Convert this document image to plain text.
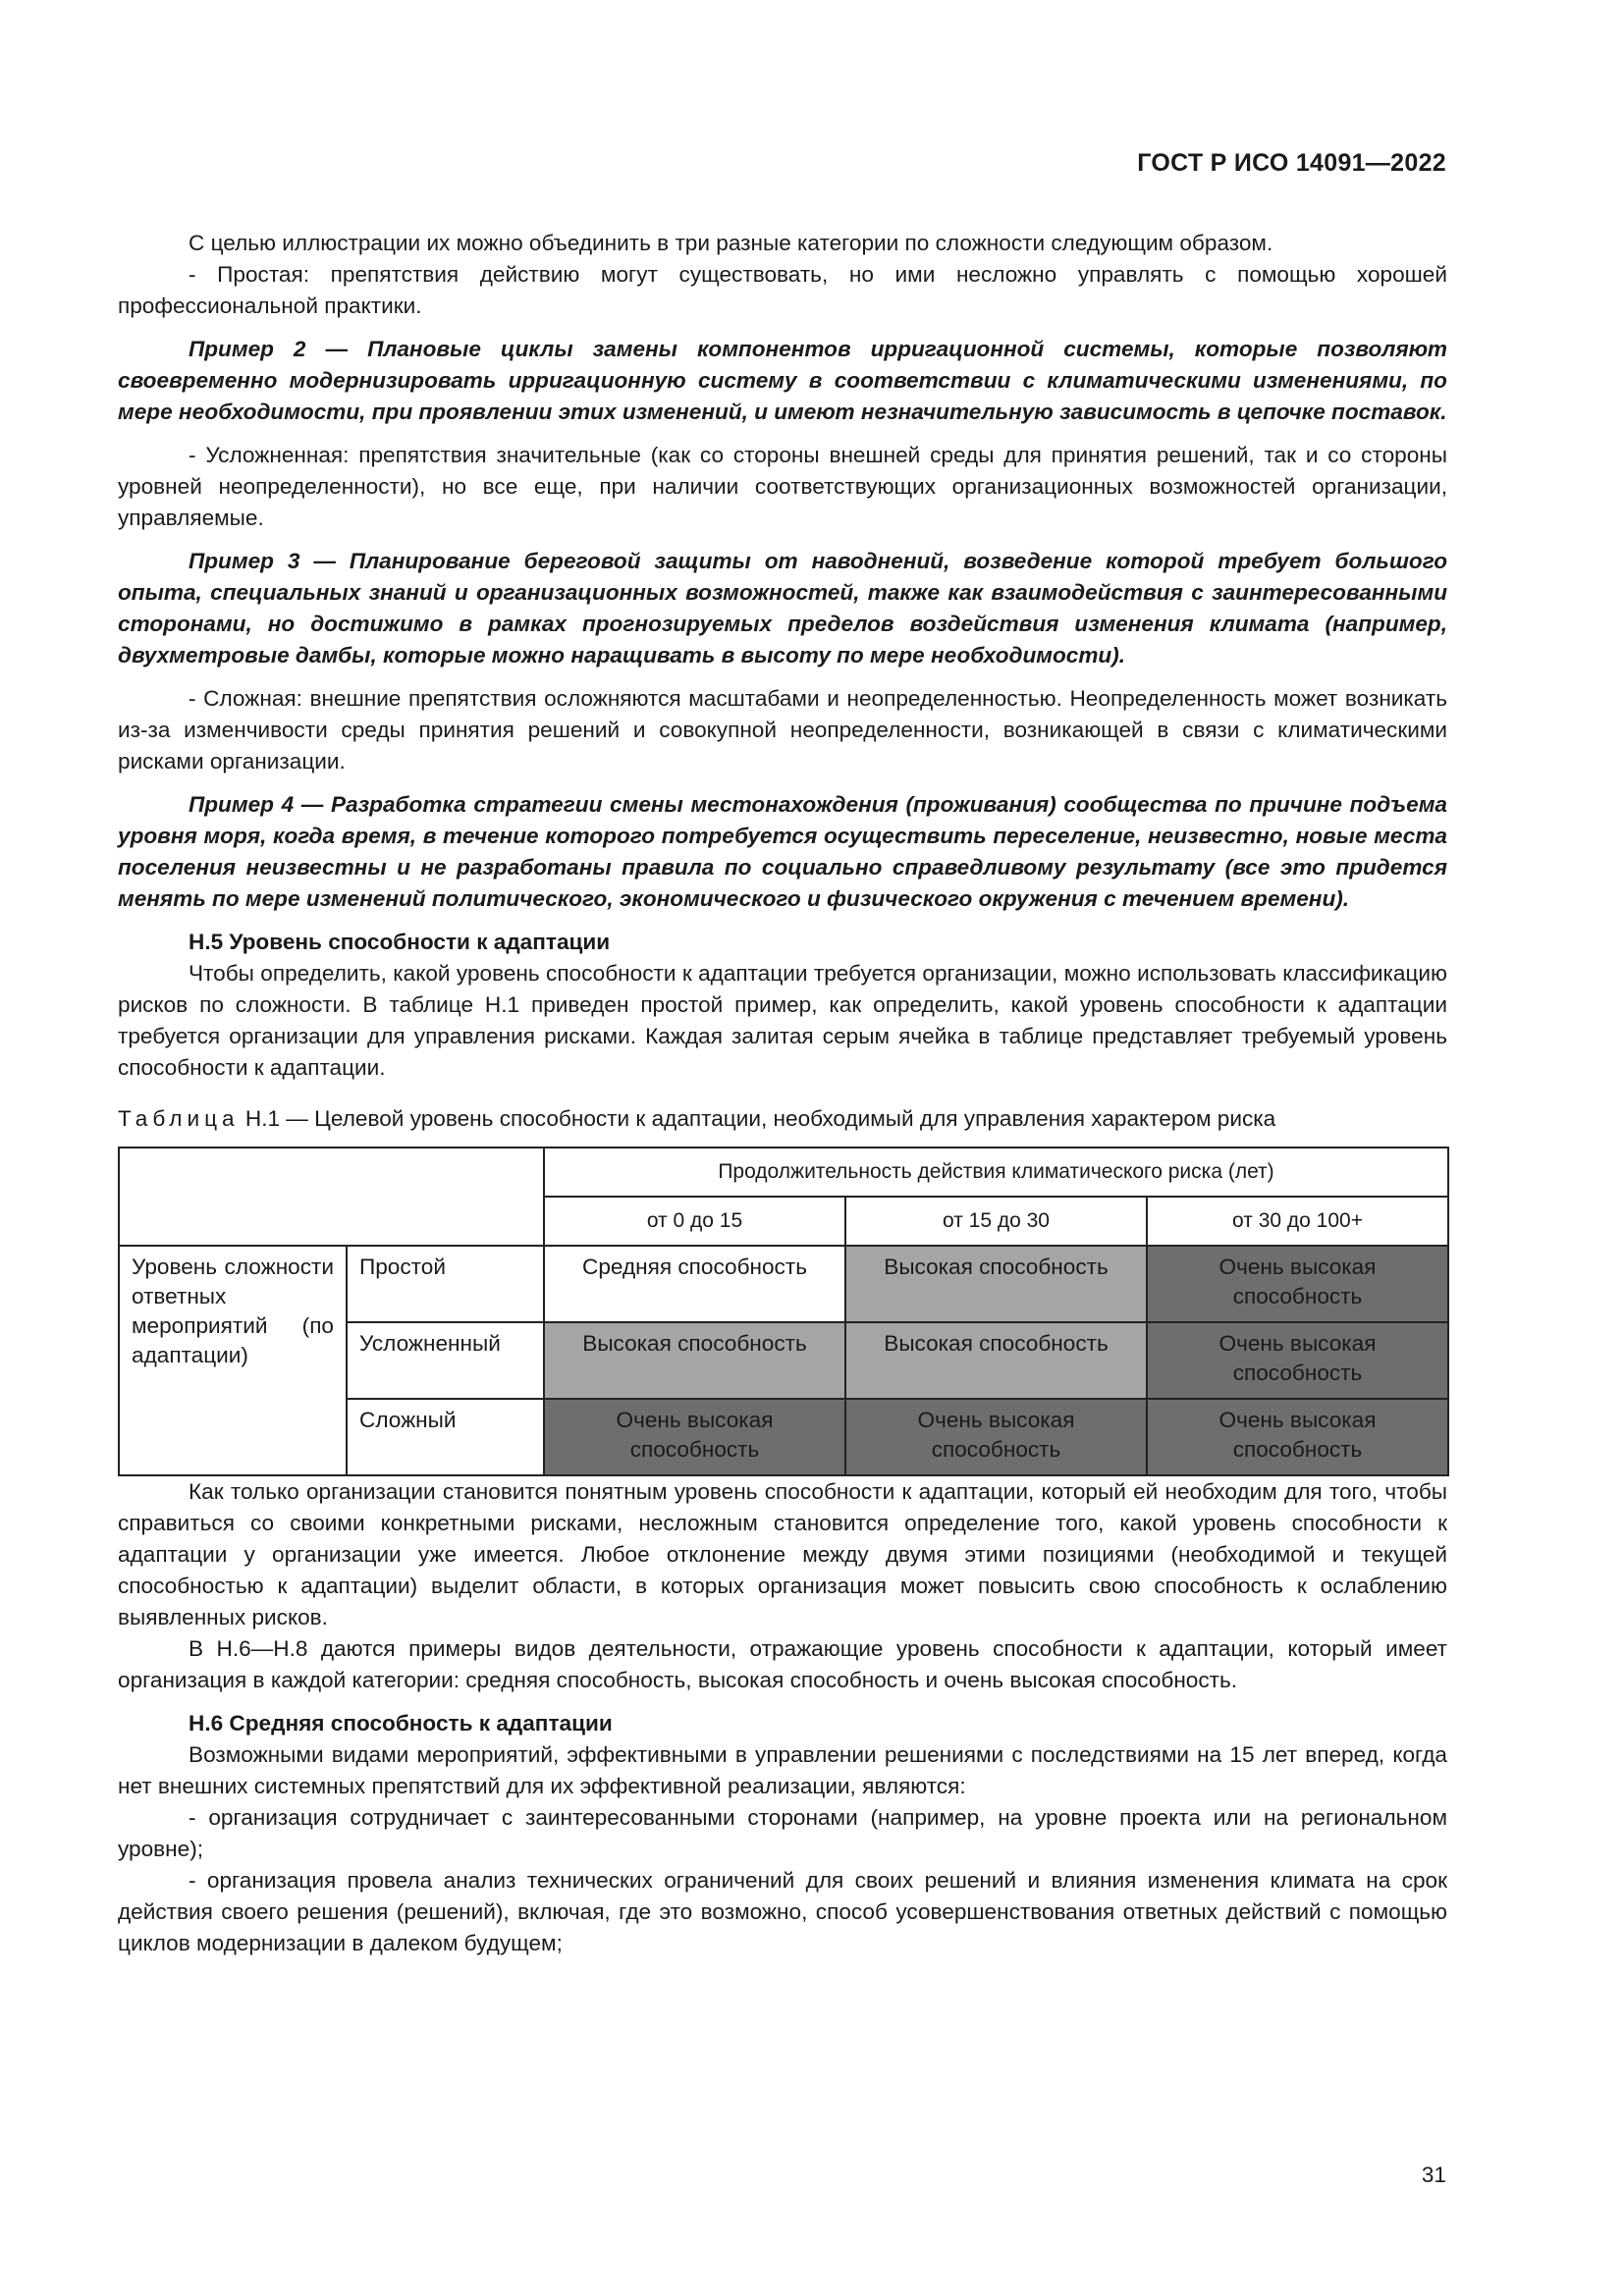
ГОСТ Р ИСО 14091—2022

С целью иллюстрации их можно объединить в три разные категории по сложности следующим образом.

- Простая: препятствия действию могут существовать, но ими несложно управлять с помощью хорошей профессиональной практики.

Пример 2 — Плановые циклы замены компонентов ирригационной системы, которые позволяют своевременно модернизировать ирригационную систему в соответствии с климатическими изменениями, по мере необходимости, при проявлении этих изменений, и имеют незначительную зависимость в цепочке поставок.

- Усложненная: препятствия значительные (как со стороны внешней среды для принятия решений, так и со стороны уровней неопределенности), но все еще, при наличии соответствующих организационных возможностей организации, управляемые.

Пример 3 — Планирование береговой защиты от наводнений, возведение которой требует большого опыта, специальных знаний и организационных возможностей, также как взаимодействия с заинтересованными сторонами, но достижимо в рамках прогнозируемых пределов воздействия изменения климата (например, двухметровые дамбы, которые можно наращивать в высоту по мере необходимости).

- Сложная: внешние препятствия осложняются масштабами и неопределенностью. Неопределенность может возникать из-за изменчивости среды принятия решений и совокупной неопределенности, возникающей в связи с климатическими рисками организации.

Пример 4 — Разработка стратегии смены местонахождения (проживания) сообщества по причине подъема уровня моря, когда время, в течение которого потребуется осуществить переселение, неизвестно, новые места поселения неизвестны и не разработаны правила по социально справедливому результату (все это придется менять по мере изменений политического, экономического и физического окружения с течением времени).

Н.5 Уровень способности к адаптации

Чтобы определить, какой уровень способности к адаптации требуется организации, можно использовать классификацию рисков по сложности. В таблице Н.1 приведен простой пример, как определить, какой уровень способности к адаптации требуется организации для управления рисками. Каждая залитая серым ячейка в таблице представляет требуемый уровень способности к адаптации.

Таблица Н.1 — Целевой уровень способности к адаптации, необходимый для управления характером риска
		Продолжительность действия климатического риска (лет)		
		от 0 до 15	от 15 до 30	от 30 до 100+
Уровень сложности ответных мероприятий (по адаптации)	Простой	Средняя способность	Высокая способность	Очень высокая способность
	Усложненный	Высокая способность	Высокая способность	Очень высокая способность
	Сложный	Очень высокая способность	Очень высокая способность	Очень высокая способность

Как только организации становится понятным уровень способности к адаптации, который ей необходим для того, чтобы справиться со своими конкретными рисками, несложным становится определение того, какой уровень способности к адаптации у организации уже имеется. Любое отклонение между двумя этими позициями (необходимой и текущей способностью к адаптации) выделит области, в которых организация может повысить свою способность к ослаблению выявленных рисков.

В Н.6—Н.8 даются примеры видов деятельности, отражающие уровень способности к адаптации, который имеет организация в каждой категории: средняя способность, высокая способность и очень высокая способность.

Н.6 Средняя способность к адаптации

Возможными видами мероприятий, эффективными в управлении решениями с последствиями на 15 лет вперед, когда нет внешних системных препятствий для их эффективной реализации, являются:

- организация сотрудничает с заинтересованными сторонами (например, на уровне проекта или на региональном уровне);

- организация провела анализ технических ограничений для своих решений и влияния изменения климата на срок действия своего решения (решений), включая, где это возможно, способ усовершенствования ответных действий с помощью циклов модернизации в далеком будущем;

31
